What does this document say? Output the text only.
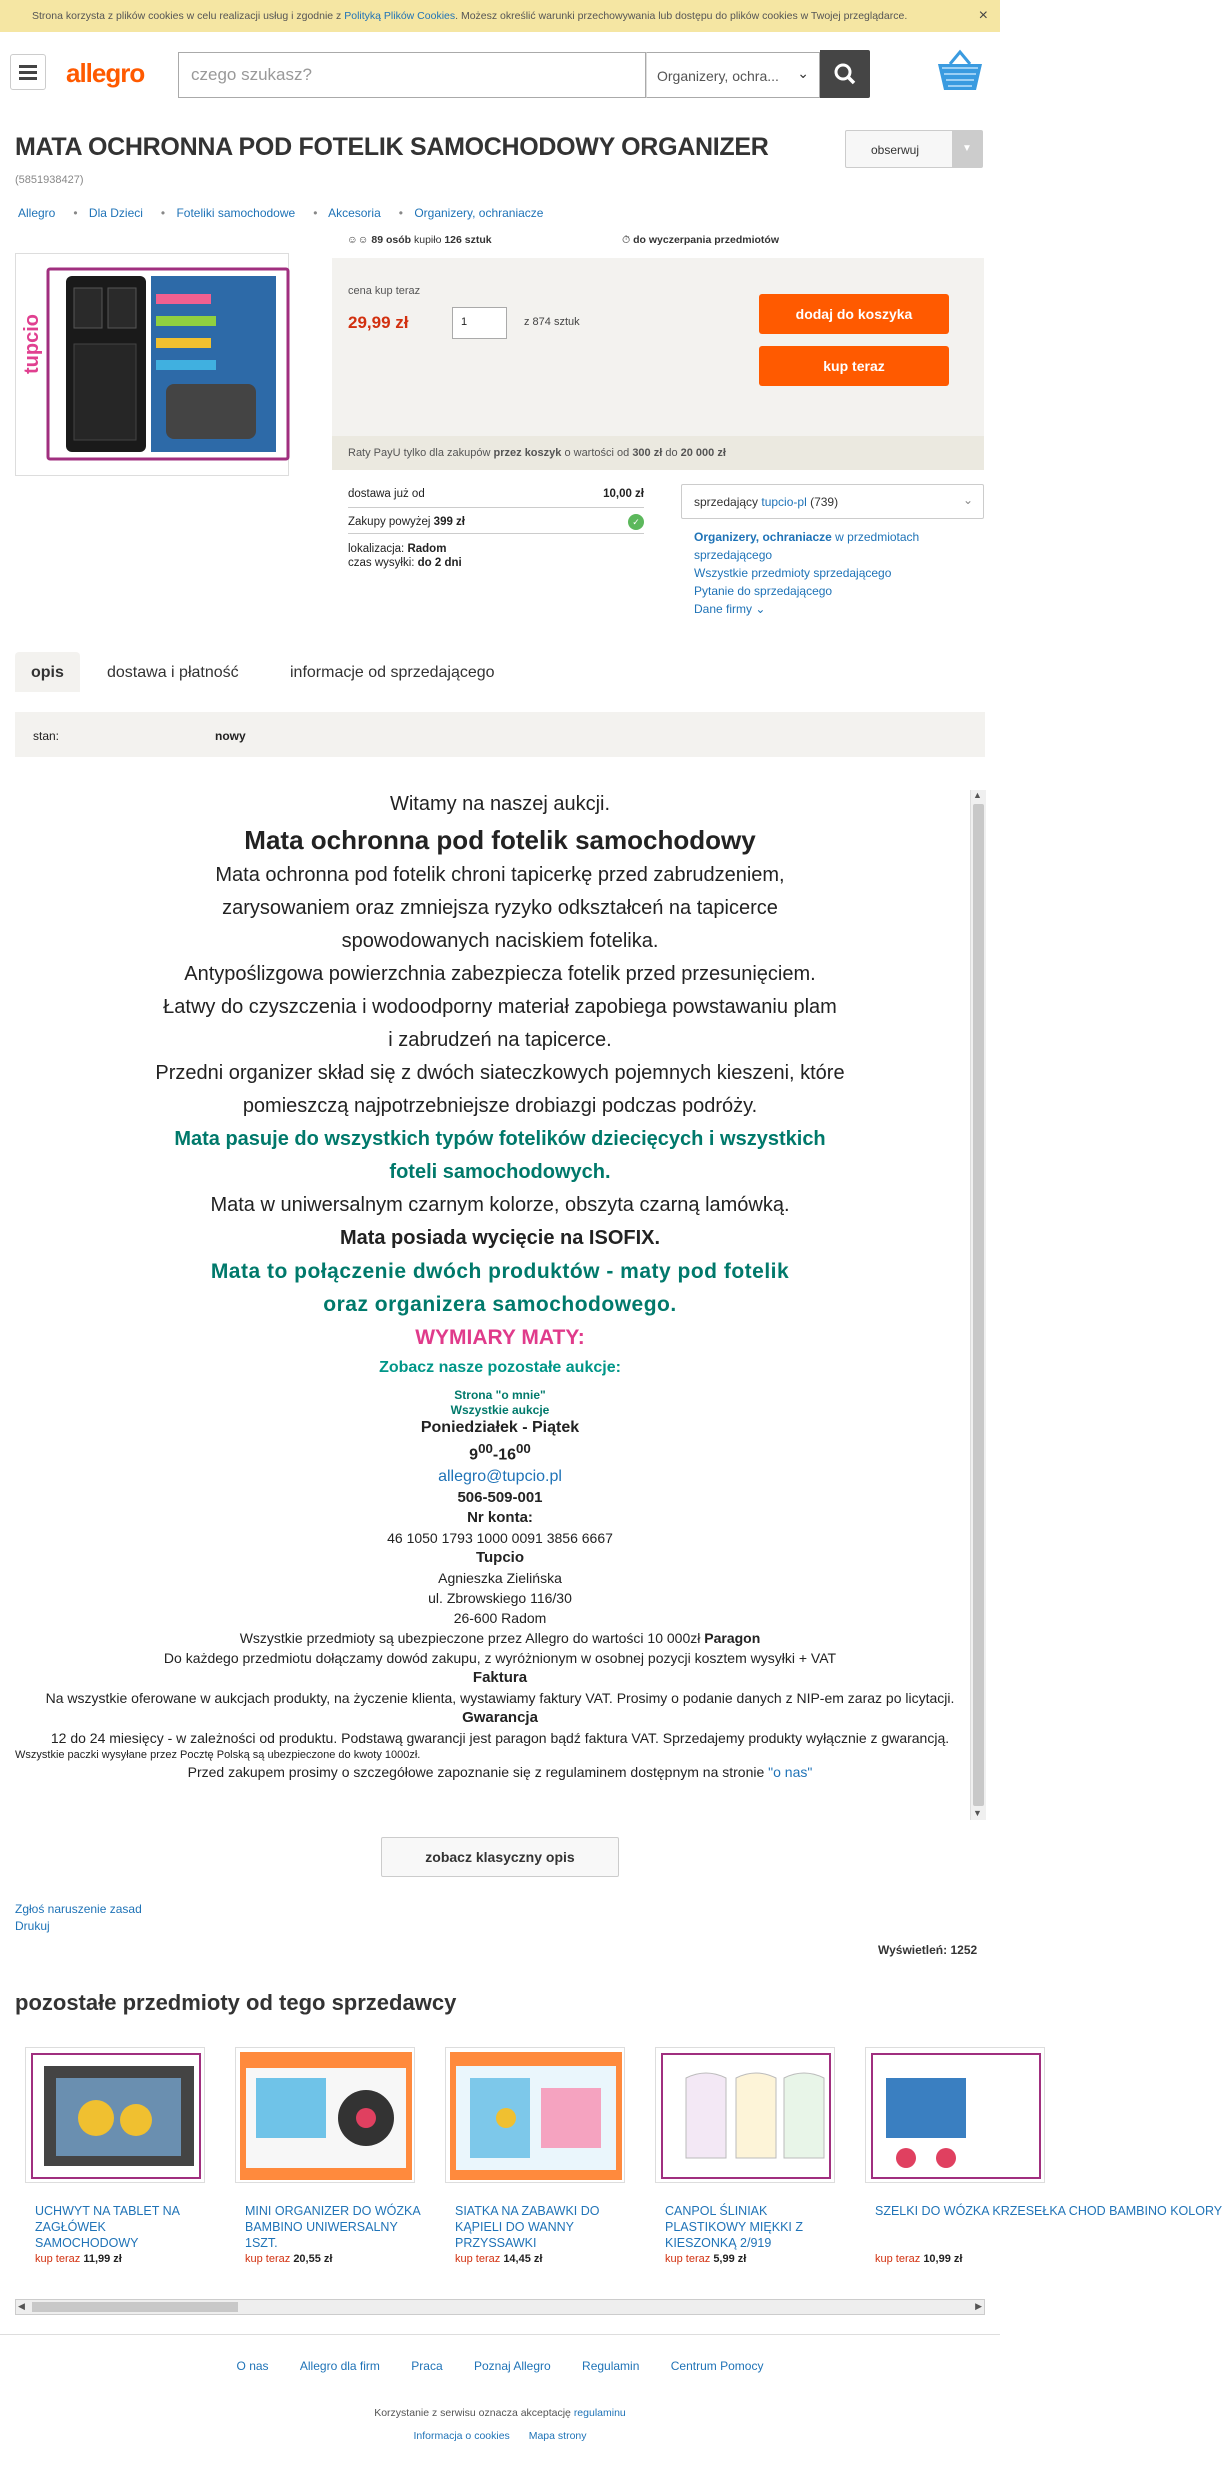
Strona korzysta z plików cookies w celu realizacji usług i zgodnie z Polityką Plików Cookies. Możesz określić warunki przechowywania lub dostępu do plików cookies w Twojej przeglądarce.	×
allegro	czego szukasz?	Organizery, ochra... ⌄
MATA OCHRONNA POD FOTELIK SAMOCHODOWY ORGANIZER
(5851938427)
obserwuj	▼
Allegro • Dla Dzieci • Foteliki samochodowe • Akcesoria • Organizery, ochraniacze
tupcio
☺☺ 89 osób kupiło 126 sztuk	⏱ do wyczerpania przedmiotów
cena kup teraz
29,99 zł	1	z 874 sztuk	dodaj do koszyka
kup teraz
Raty PayU tylko dla zakupów przez koszyk o wartości od 300 zł do 20 000 zł
dostawa już od	10,00 zł
Zakupy powyżej 399 zł	✓
lokalizacja: Radom
czas wysyłki: do 2 dni
sprzedający tupcio-pl (739)	⌄
Organizery, ochraniacze w przedmiotach sprzedającego
Wszystkie przedmioty sprzedającego
Pytanie do sprzedającego
Dane firmy ⌄
opis	dostawa i płatność	informacje od sprzedającego
stan:	nowy

Witamy na naszej aukcji.

Mata ochronna pod fotelik samochodowy

Mata ochronna pod fotelik chroni tapicerkę przed zabrudzeniem,

zarysowaniem oraz zmniejsza ryzyko odkształceń na tapicerce

spowodowanych naciskiem fotelika.

Antypoślizgowa powierzchnia zabezpiecza fotelik przed przesunięciem.

Łatwy do czyszczenia i wodoodporny materiał zapobiega powstawaniu plam

i zabrudzeń na tapicerce.

Przedni organizer skład się z dwóch siateczkowych pojemnych kieszeni, które

pomieszczą najpotrzebniejsze drobiazgi podczas podróży.

Mata pasuje do wszystkich typów fotelików dziecięcych i wszystkich

foteli samochodowych.

Mata w uniwersalnym czarnym kolorze, obszyta czarną lamówką.

Mata posiada wycięcie na ISOFIX.

Mata to połączenie dwóch produktów - maty pod fotelik

oraz organizera samochodowego.

WYMIARY MATY:

Zobacz nasze pozostałe aukcje:

Strona "o mnie"
Wszystkie aukcje
Poniedziałek - Piątek
$9^{00}-16^{00}$
allegro@tupcio.pl
506-509-001
Nr konta:
46 1050 1793 1000 0091 3856 6667
Tupcio
Agnieszka Zielińska
ul. Zbrowskiego 116/30
26-600 Radom
Wszystkie przedmioty są ubezpieczone przez Allegro do wartości 10 000zł Paragon
Do każdego przedmiotu dołączamy dowód zakupu, z wyróżnionym w osobnej pozycji kosztem wysyłki + VAT
Faktura
Na wszystkie oferowane w aukcjach produkty, na życzenie klienta, wystawiamy faktury VAT. Prosimy o podanie danych z NIP-em zaraz po licytacji.
Gwarancja
12 do 24 miesięcy - w zależności od produktu. Podstawą gwarancji jest paragon bądź faktura VAT. Sprzedajemy produkty wyłącznie z gwarancją.
Wszystkie paczki wysyłane przez Pocztę Polską są ubezpieczone do kwoty 1000zł.
Przed zakupem prosimy o szczegółowe zapoznanie się z regulaminem dostępnym na stronie "o nas"
▲
▼
zobacz klasyczny opis
Zgłoś naruszenie zasad
Drukuj
Wyświetleń: 1252
pozostałe przedmioty od tego sprzedawcy
UCHWYT NA TABLET NA ZAGŁÓWEK SAMOCHODOWY
kup teraz 11,99 zł
MINI ORGANIZER DO WÓZKA BAMBINO UNIWERSALNY 1SZT.
kup teraz 20,55 zł
SIATKA NA ZABAWKI DO KĄPIELI DO WANNY PRZYSSAWKI
kup teraz 14,45 zł
CANPOL ŚLINIAK PLASTIKOWY MIĘKKI Z KIESZONKĄ 2/919
kup teraz 5,99 zł
SZELKI DO WÓZKA KRZESEŁKA CHOD BAMBINO KOLORY
kup teraz 10,99 zł
◀	▶
O nas	Allegro dla firm	Praca	Poznaj Allegro	Regulamin	Centrum Pomocy
Korzystanie z serwisu oznacza akceptację regulaminu
Informacja o cookies Mapa strony
